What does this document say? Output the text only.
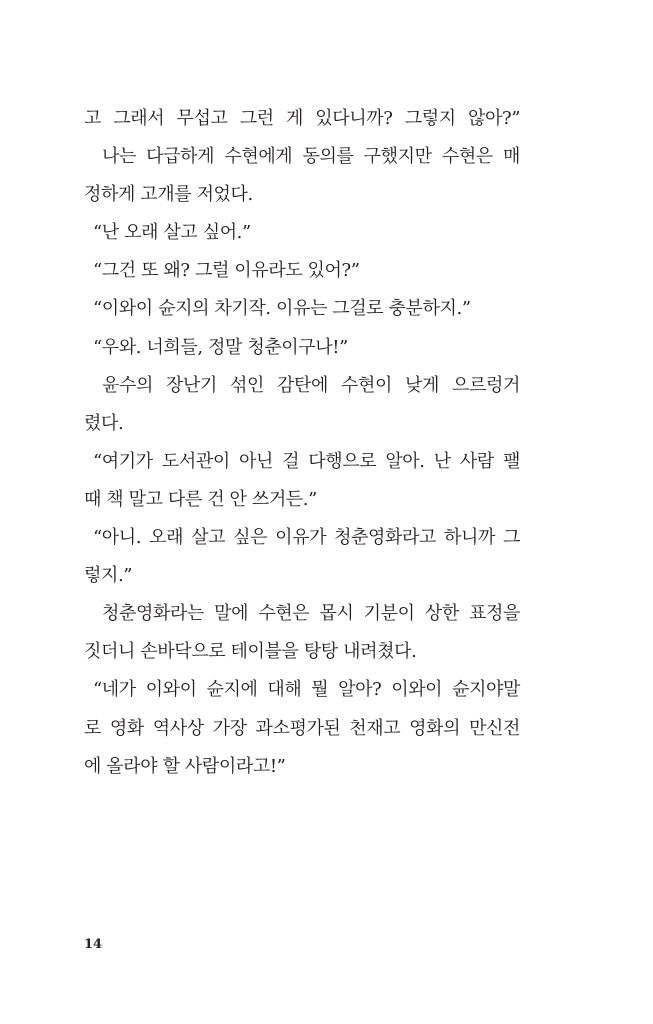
고 그래서 무섭고 그런 게 있다니까? 그렇지 않아?”
나는 다급하게 수현에게 동의를 구했지만 수현은 매
정하게 고개를 저었다.
“난 오래 살고 싶어.”
“그건 또 왜? 그럴 이유라도 있어?”
“이와이 슌지의 차기작. 이유는 그걸로 충분하지.”
“우와. 너희들, 정말 청춘이구나!”
윤수의 장난기 섞인 감탄에 수현이 낮게 으르렁거
렸다.
“여기가 도서관이 아닌 걸 다행으로 알아. 난 사람 팰
때 책 말고 다른 건 안 쓰거든.”
“아니. 오래 살고 싶은 이유가 청춘영화라고 하니까 그
렇지.”
청춘영화라는 말에 수현은 몹시 기분이 상한 표정을
짓더니 손바닥으로 테이블을 탕탕 내려쳤다.
“네가 이와이 슌지에 대해 뭘 알아? 이와이 슌지야말
로 영화 역사상 가장 과소평가된 천재고 영화의 만신전
에 올라야 할 사람이라고!”
14
